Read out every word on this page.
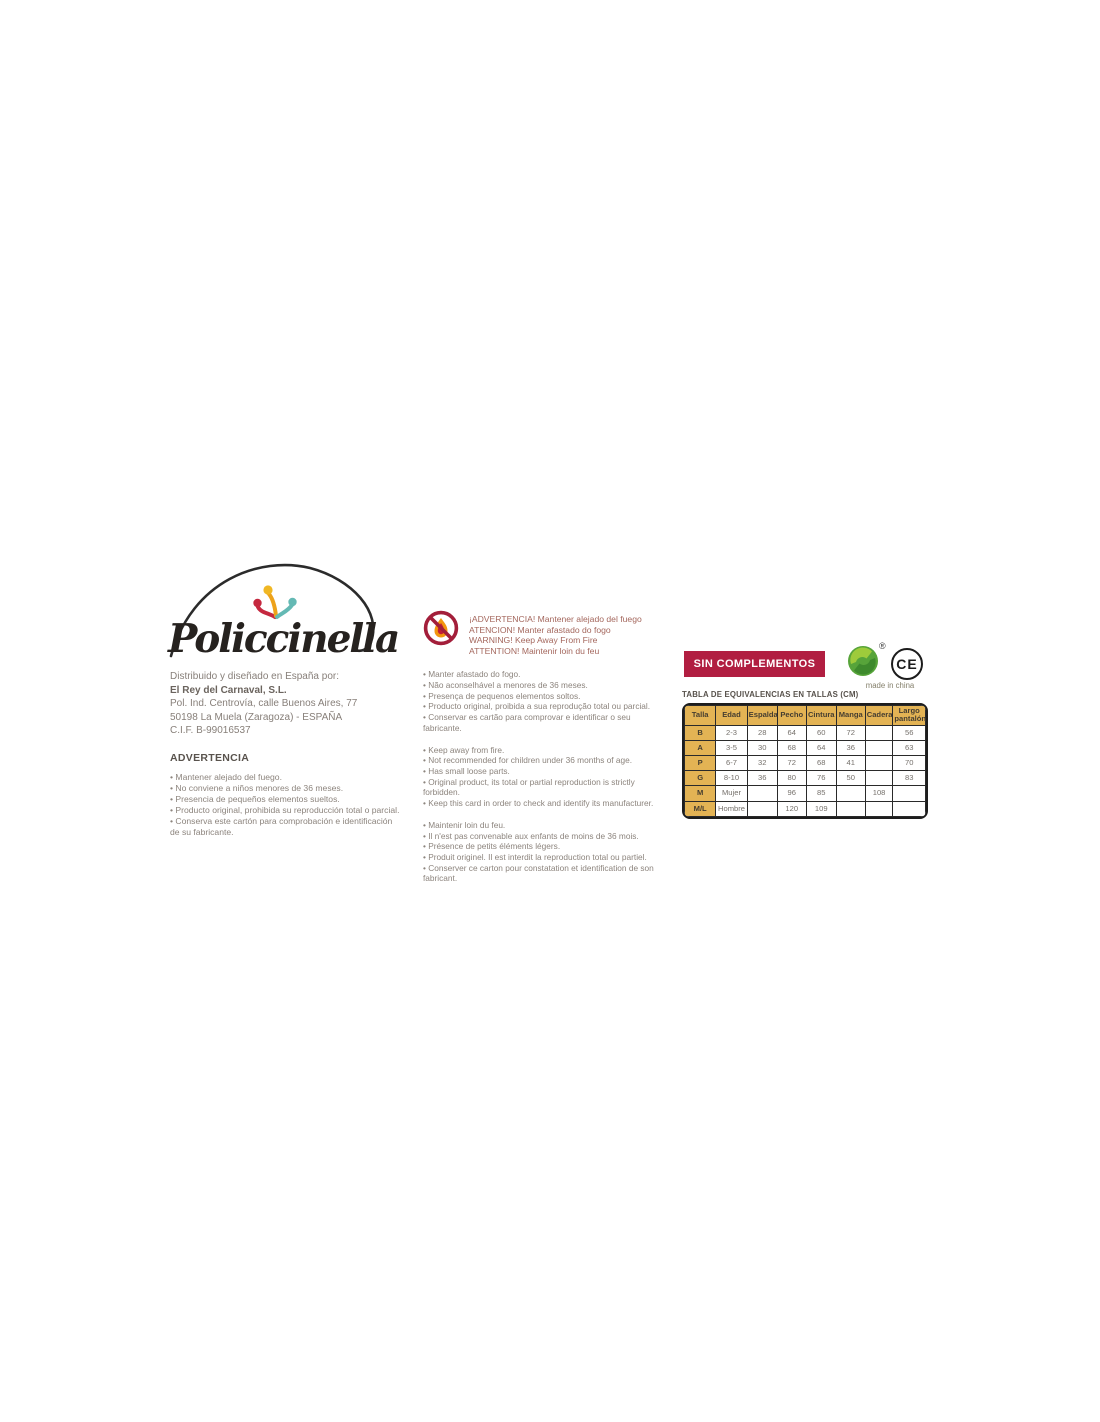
Policcinella

Distribuido y diseñado en España por:

El Rey del Carnaval, S.L.

Pol. Ind. Centrovía, calle Buenos Aires, 77

50198 La Muela (Zaragoza) - ESPAÑA

C.I.F. B-99016537

ADVERTENCIA
• Mantener alejado del fuego.
• No conviene a niños menores de 36 meses.
• Presencia de pequeños elementos sueltos.
• Producto original, prohibida su reproducción total o parcial.
• Conserva este cartón para comprobación e identificación de su fabricante.
¡ADVERTENCIA! Mantener alejado del fuego
ATENCION! Manter afastado do fogo
WARNING! Keep Away From Fire
ATTENTION! Maintenir loin du feu
• Manter afastado do fogo.
• Não aconselhável a menores de 36 meses.
• Presença de pequenos elementos soltos.
• Producto original, proibida a sua reprodução total ou parcial.
• Conservar es cartão para comprovar e identificar o seu fabricante.
• Keep away from fire.
• Not recommended for children under 36 months of age.
• Has small loose parts.
• Original product, its total or partial reproduction is strictly forbidden.
• Keep this card in order to check and identify its manufacturer.
• Maintenir loin du feu.
• Il n'est pas convenable aux enfants de moins de 36 mois.
• Présence de petits éléments légers.
• Produit originel. Il est interdit la reproduction total ou partiel.
• Conserver ce carton pour constatation et identification de son fabricant.
SIN COMPLEMENTOS
®
CE
made in china
TABLA DE EQUIVALENCIAS EN TALLAS (CM)
Talla	Edad	Espalda	Pecho	Cintura	Manga	Cadera	Largo pantalón
B	2-3	28	64	60	72		56
A	3-5	30	68	64	36		63
P	6-7	32	72	68	41		70
G	8-10	36	80	76	50		83
M	Mujer		96	85		108	
M/L	Hombre		120	109			
